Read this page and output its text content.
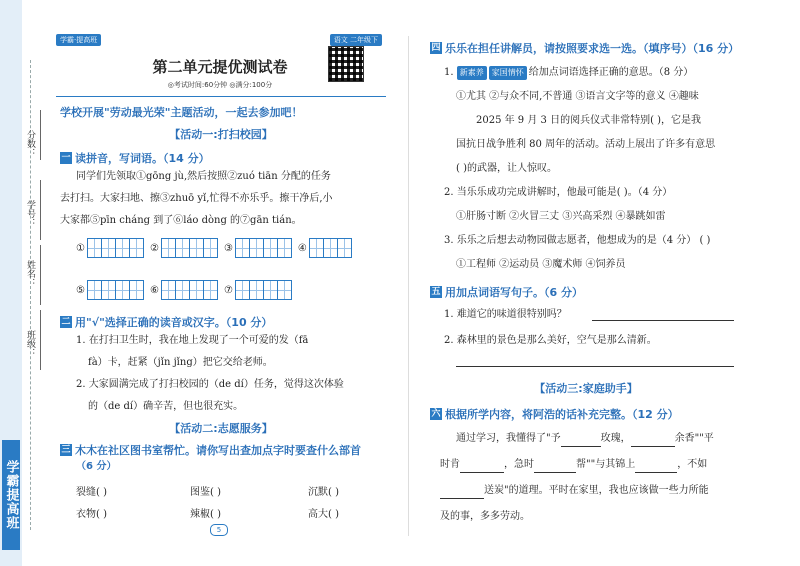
学霸提高班
班级：
姓名：
学号：
分数：
学霸·提高班	语文 二年级下
第二单元提优测试卷
◎考试时间:60分钟 ◎满分:100分
学校开展"劳动最光荣"主题活动，一起去参加吧！
【活动一:打扫校园】
一 读拼音，写词语。（14 分）
同学们先领取①gōng jù,然后按照②zuó tiān 分配的任务
去打扫。大家扫地、擦③zhuō yǐ,忙得不亦乐乎。擦干净后,小
大家都⑤pīn cháng 到了⑥láo dòng 的⑦gān tián。
①	②	③	④
⑤	⑥	⑦
二 用"√"选择正确的读音或汉字。（10 分）
1. 在打扫卫生时，我在地上发现了一个可爱的发（fā
fà）卡，赶紧（jǐn jǐng）把它交给老师。
2. 大家圆满完成了打扫校园的（de dí）任务，觉得这次体验
的（de dí）确辛苦，但也很充实。
【活动二:志愿服务】
三 木木在社区图书室帮忙。请你写出查加点字时要查什么部首
（6 分）
裂缝( )	图鉴( )	沉默( )
衣物( )	辣椒( )	高大( )
5
四 乐乐在担任讲解员，请按照要求选一选。（填序号）（16 分）
1. 新素养 家国情怀 给加点词语选择正确的意思。（8 分）
①尤其 ②与众不同,不普通 ③语言文字等的意义 ④趣味
2025 年 9 月 3 日的阅兵仪式非常特别( )，它是我
国抗日战争胜利 80 周年的活动。活动上展出了许多有意思
( )的武器，让人惊叹。
2. 当乐乐成功完成讲解时，他最可能是( )。（4 分）
①肝肠寸断 ②火冒三丈 ③兴高采烈 ④暴跳如雷
3. 乐乐之后想去动物园做志愿者，他想成为的是（4 分） ( )
①工程师 ②运动员 ③魔术师 ④饲养员
五 用加点词语写句子。（6 分）
1. 难道它的味道很特别吗？
2. 森林里的景色是那么美好，空气是那么清新。
【活动三:家庭助手】
六 根据所学内容，将阿浩的话补充完整。（12 分）
通过学习，我懂得了"予	玫瑰，	余香""平
时肯	，急时	帮""与其锦上	，不如
送炭"的道理。平时在家里，我也应该做一些力所能
及的事，多多劳动。
